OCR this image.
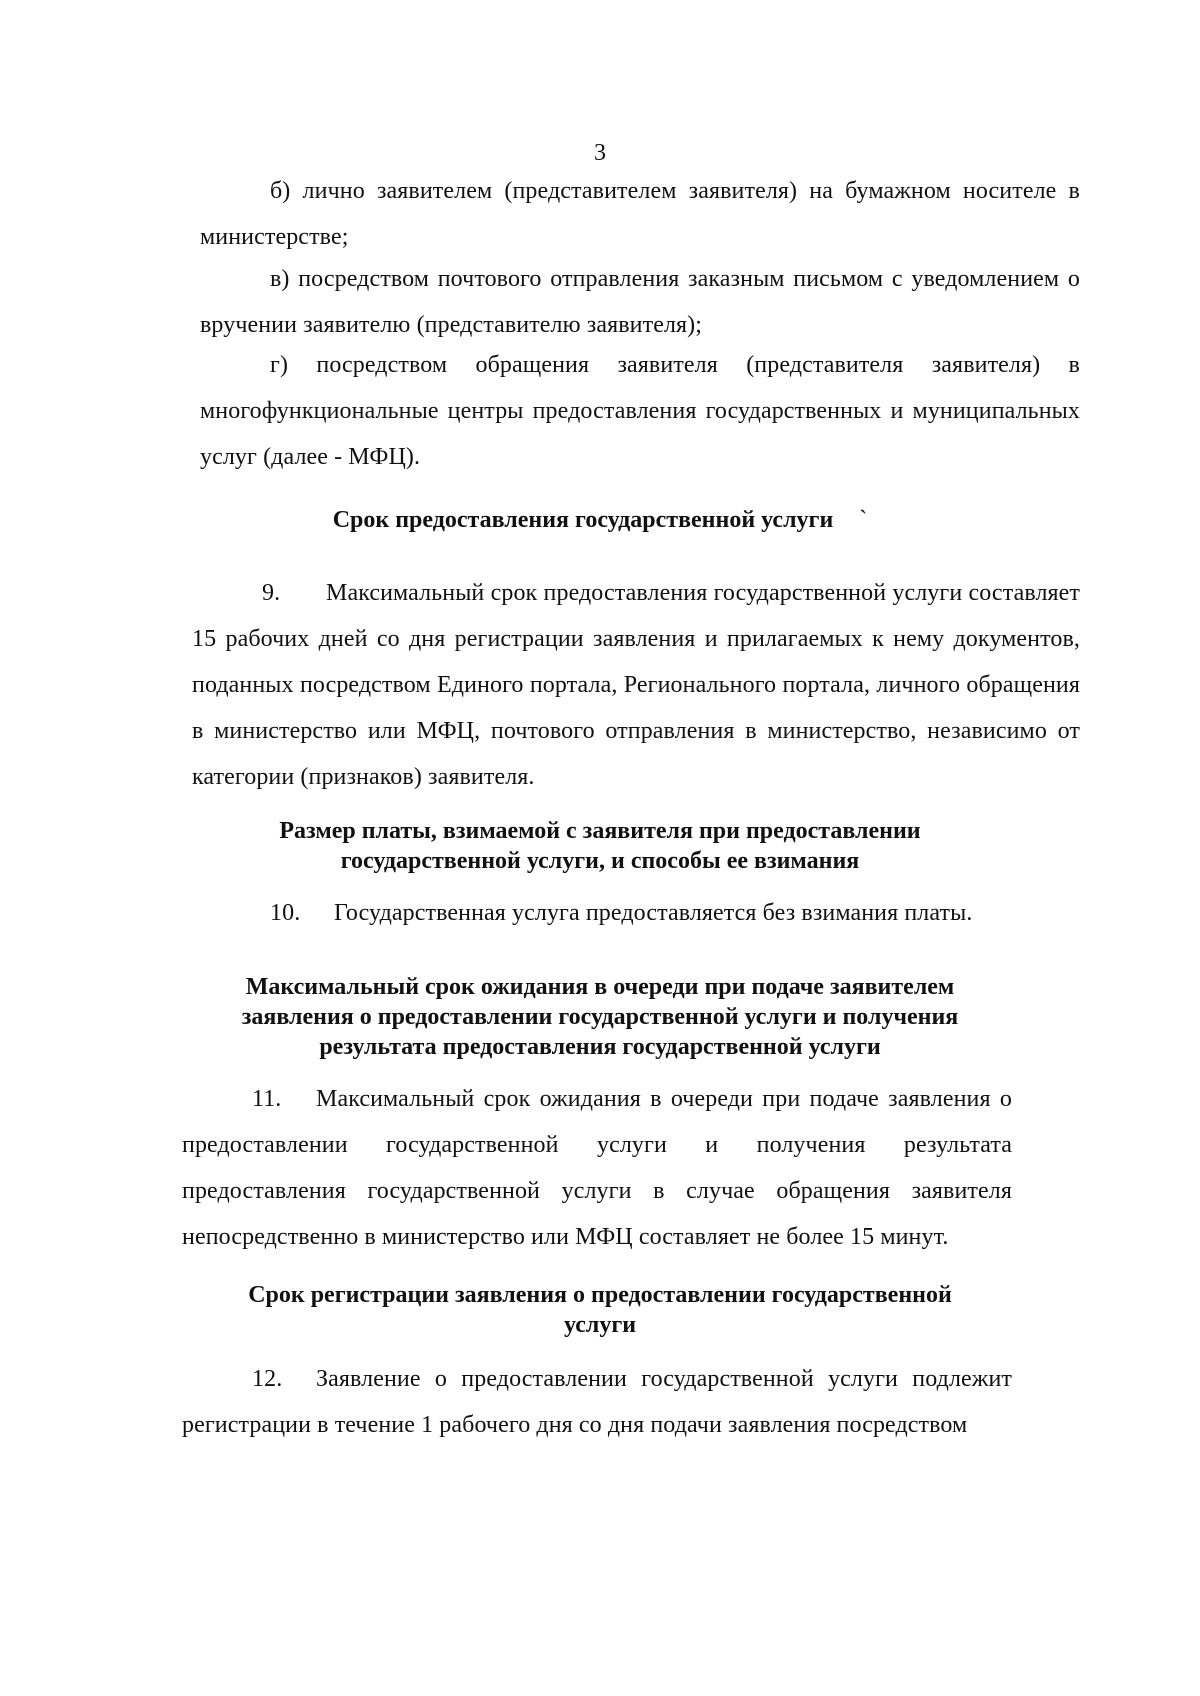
3

б) лично заявителем (представителем заявителя) на бумажном носителе в министерстве;

в) посредством почтового отправления заказным письмом с уведомлением о вручении заявителю (представителю заявителя);

г) посредством обращения заявителя (представителя заявителя) в многофункциональные центры предоставления государственных и муниципальных услуг (далее - МФЦ).

Срок предоставления государственной услуги `

9. Максимальный срок предоставления государственной услуги составляет 15 рабочих дней со дня регистрации заявления и прилагаемых к нему документов, поданных посредством Единого портала, Регионального портала, личного обращения в министерство или МФЦ, почтового отправления в министерство, независимо от категории (признаков) заявителя.

Размер платы, взимаемой с заявителя при предоставлении
государственной услуги, и способы ее взимания

10. Государственная услуга предоставляется без взимания платы.

Максимальный срок ожидания в очереди при подаче заявителем
заявления о предоставлении государственной услуги и получения
результата предоставления государственной услуги

11. Максимальный срок ожидания в очереди при подаче заявления о предоставлении государственной услуги и получения результата предоставления государственной услуги в случае обращения заявителя непосредственно в министерство или МФЦ составляет не более 15 минут.

Срок регистрации заявления о предоставлении государственной
услуги

12. Заявление о предоставлении государственной услуги подлежит регистрации в течение 1 рабочего дня со дня подачи заявления посредством
